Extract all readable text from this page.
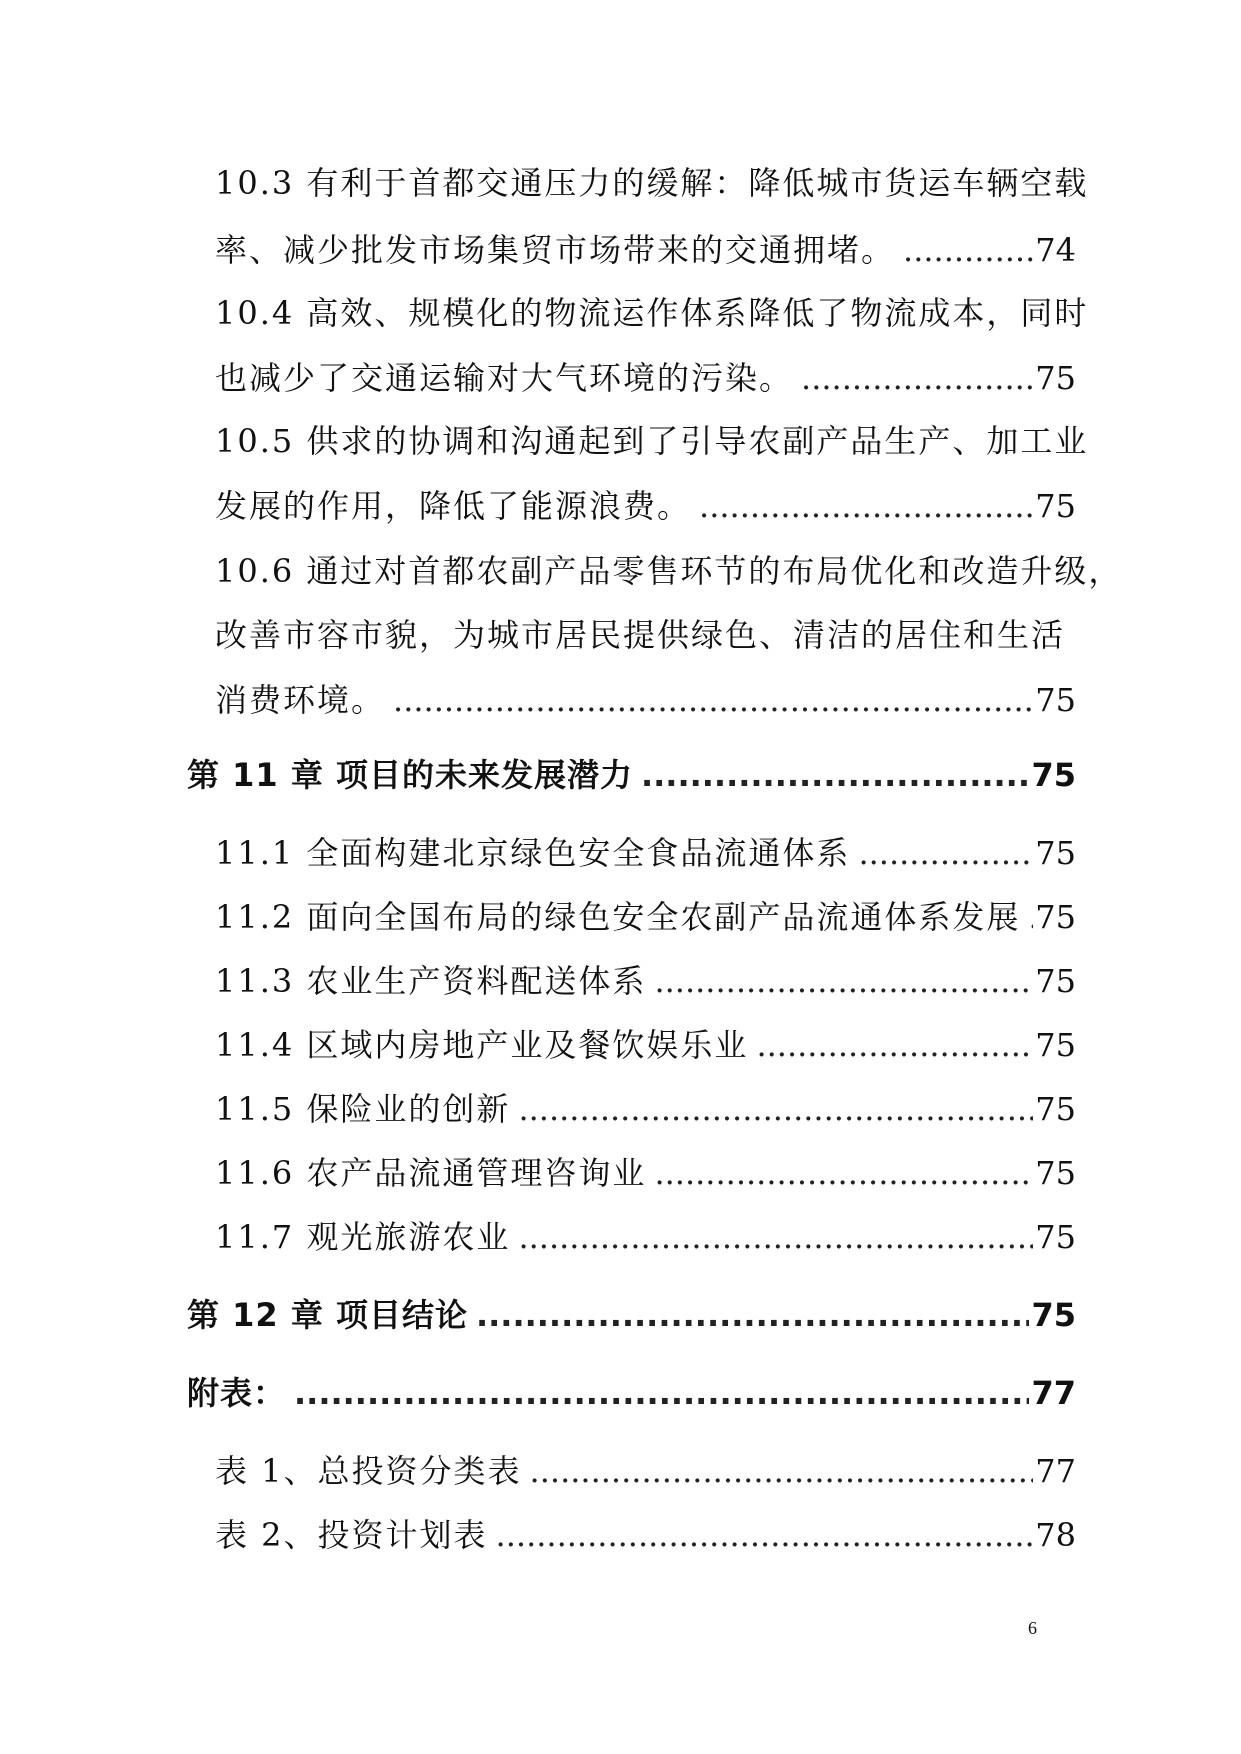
10.3 有利于首都交通压力的缓解：降低城市货运车辆空载
率、减少批发市场集贸市场带来的交通拥堵。 .....	74
10.4 高效、规模化的物流运作体系降低了物流成本，同时
也减少了交通运输对大气环境的污染。 .....	75
10.5 供求的协调和沟通起到了引导农副产品生产、加工业
发展的作用，降低了能源浪费。 .....	75
10.6 通过对首都农副产品零售环节的布局优化和改造升级，
改善市容市貌，为城市居民提供绿色、清洁的居住和生活
消费环境。 .....	75
第 11 章 项目的未来发展潜力 .....	75
11.1 全面构建北京绿色安全食品流通体系 .....	75
11.2 面向全国布局的绿色安全农副产品流通体系发展 ..... 75
11.3 农业生产资料配送体系 .....	75
11.4 区域内房地产业及餐饮娱乐业 .....	75
11.5 保险业的创新 .....	75
11.6 农产品流通管理咨询业 .....	75
11.7 观光旅游农业 .....	75
第 12 章 项目结论 .....	75
附表： .....	77
表 1、总投资分类表 .....	77
表 2、投资计划表 .....	78
6
